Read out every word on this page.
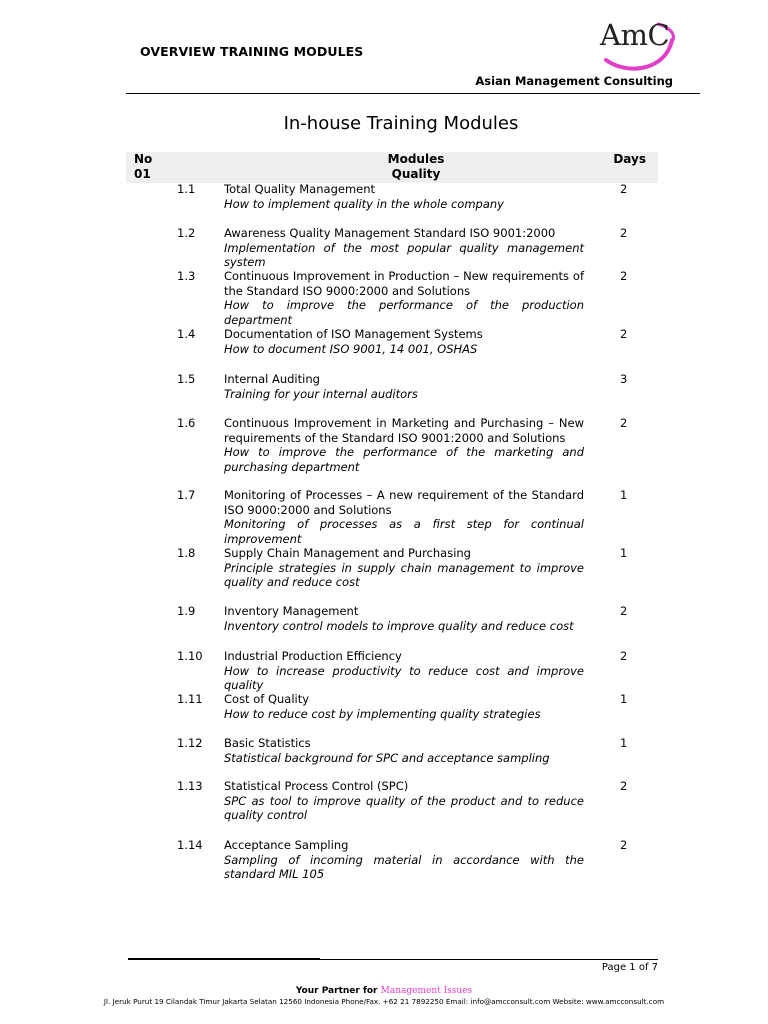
OVERVIEW TRAINING MODULES	AmC
Asian Management Consulting
In-house Training Modules
No
01
Modules
Quality
Days
1.1 Total Quality Management
How to implement quality in the whole company
2
1.2 Awareness Quality Management Standard ISO 9001:2000
Implementation of the most popular quality management system
2
1.3 Continuous Improvement in Production – New requirements of the Standard ISO 9000:2000 and Solutions
How to improve the performance of the production department
2
1.4 Documentation of ISO Management Systems
How to document ISO 9001, 14 001, OSHAS
2
1.5 Internal Auditing
Training for your internal auditors
3
1.6 Continuous Improvement in Marketing and Purchasing – New requirements of the Standard ISO 9001:2000 and Solutions
How to improve the performance of the marketing and purchasing department
2
1.7 Monitoring of Processes – A new requirement of the Standard ISO 9000:2000 and Solutions
Monitoring of processes as a first step for continual improvement
1
1.8 Supply Chain Management and Purchasing
Principle strategies in supply chain management to improve quality and reduce cost
1
1.9 Inventory Management
Inventory control models to improve quality and reduce cost
2
1.10 Industrial Production Efficiency
How to increase productivity to reduce cost and improve quality
2
1.11 Cost of Quality
How to reduce cost by implementing quality strategies
1
1.12 Basic Statistics
Statistical background for SPC and acceptance sampling
1
1.13 Statistical Process Control (SPC)
SPC as tool to improve quality of the product and to reduce quality control
2
1.14 Acceptance Sampling
Sampling of incoming material in accordance with the standard MIL 105
2
Page 1 of 7
Your Partner for Management Issues
Jl. Jeruk Purut 19 Cilandak Timur Jakarta Selatan 12560 Indonesia Phone/Fax. +62 21 7892250 Email: info@amcconsult.com Website: www.amcconsult.com
